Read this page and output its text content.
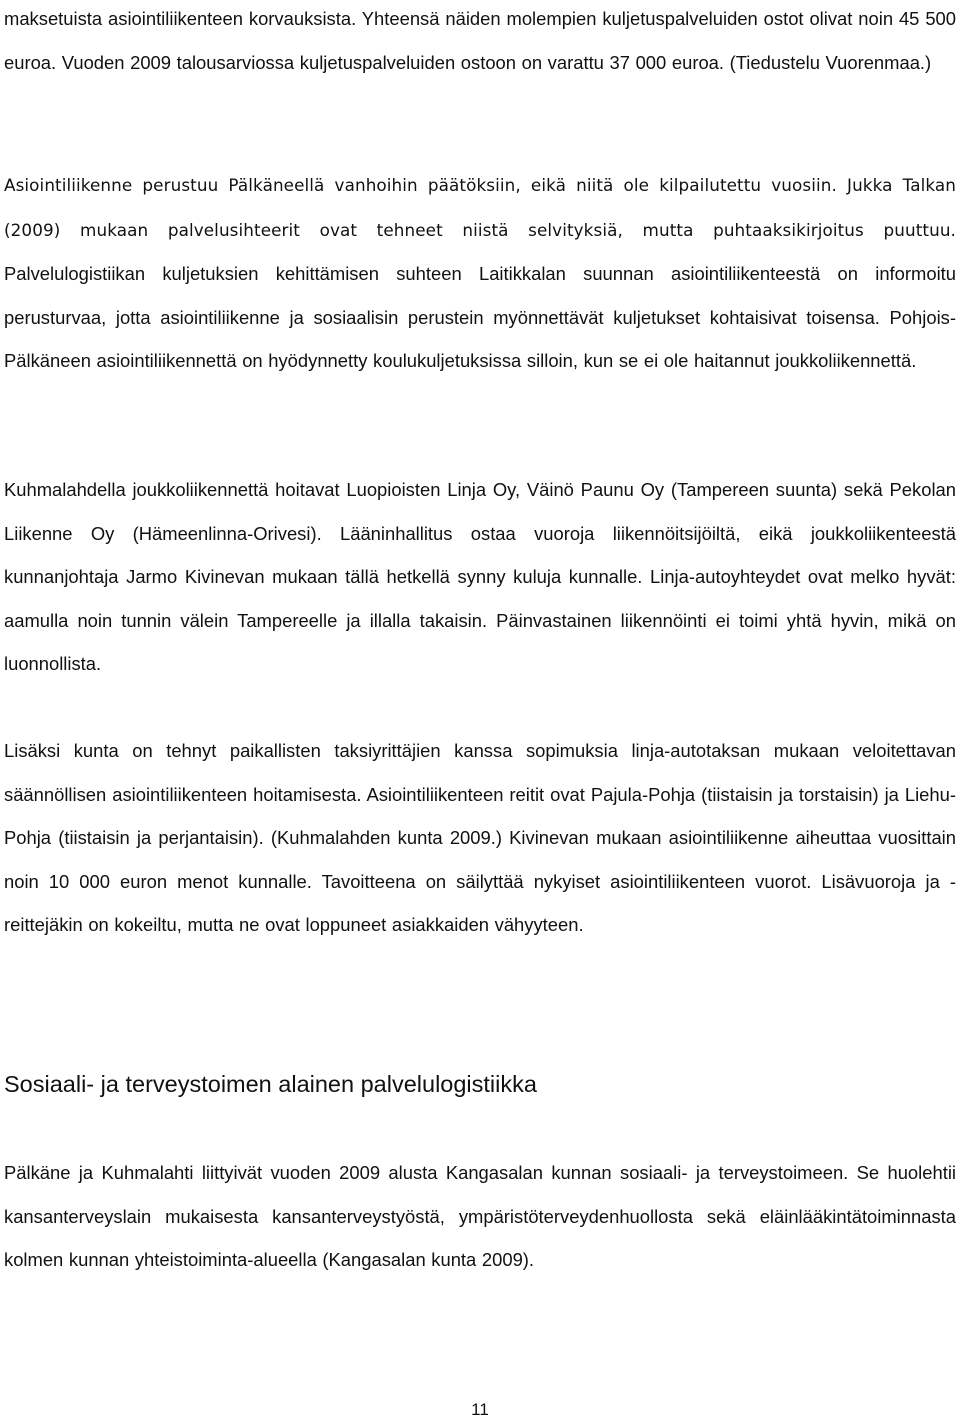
maksetuista asiointiliikenteen korvauksista. Yhteensä näiden molempien kuljetuspalveluiden ostot olivat noin 45 500 euroa. Vuoden 2009 talousarviossa kuljetuspalveluiden ostoon on varattu 37 000 euroa. (Tiedustelu Vuorenmaa.)

Asiointiliikenne perustuu Pälkäneellä vanhoihin päätöksiin, eikä niitä ole kilpailutettu vuosiin. Jukka Talkan (2009) mukaan palvelusihteerit ovat tehneet niistä selvityksiä, mutta puhtaaksikirjoitus puuttuu. Palvelulogistiikan kuljetuksien kehittämisen suhteen Laitikkalan suunnan asiointiliikenteestä on informoitu perusturvaa, jotta asiointiliikenne ja sosiaalisin perustein myönnettävät kuljetukset kohtaisivat toisensa. Pohjois-Pälkäneen asiointiliikennettä on hyödynnetty koulukuljetuksissa silloin, kun se ei ole haitannut joukkoliikennettä.

Kuhmalahdella joukkoliikennettä hoitavat Luopioisten Linja Oy, Väinö Paunu Oy (Tampereen suunta) sekä Pekolan Liikenne Oy (Hämeenlinna-Orivesi). Lääninhallitus ostaa vuoroja liikennöitsijöiltä, eikä joukkoliikenteestä kunnanjohtaja Jarmo Kivinevan mukaan tällä hetkellä synny kuluja kunnalle. Linja-autoyhteydet ovat melko hyvät: aamulla noin tunnin välein Tampereelle ja illalla takaisin. Päinvastainen liikennöinti ei toimi yhtä hyvin, mikä on luonnollista.

Lisäksi kunta on tehnyt paikallisten taksiyrittäjien kanssa sopimuksia linja-autotaksan mukaan veloitettavan säännöllisen asiointiliikenteen hoitamisesta. Asiointiliikenteen reitit ovat Pajula-Pohja (tiistaisin ja torstaisin) ja Liehu-Pohja (tiistaisin ja perjantaisin). (Kuhmalahden kunta 2009.) Kivinevan mukaan asiointiliikenne aiheuttaa vuosittain noin 10 000 euron menot kunnalle. Tavoitteena on säilyttää nykyiset asiointiliikenteen vuorot. Lisävuoroja ja -reittejäkin on kokeiltu, mutta ne ovat loppuneet asiakkaiden vähyyteen.

Sosiaali- ja terveystoimen alainen palvelulogistiikka

Pälkäne ja Kuhmalahti liittyivät vuoden 2009 alusta Kangasalan kunnan sosiaali- ja terveystoimeen. Se huolehtii kansanterveyslain mukaisesta kansanterveystyöstä, ympäristöterveydenhuollosta sekä eläinlääkintätoiminnasta kolmen kunnan yhteistoiminta-alueella (Kangasalan kunta 2009).

11
